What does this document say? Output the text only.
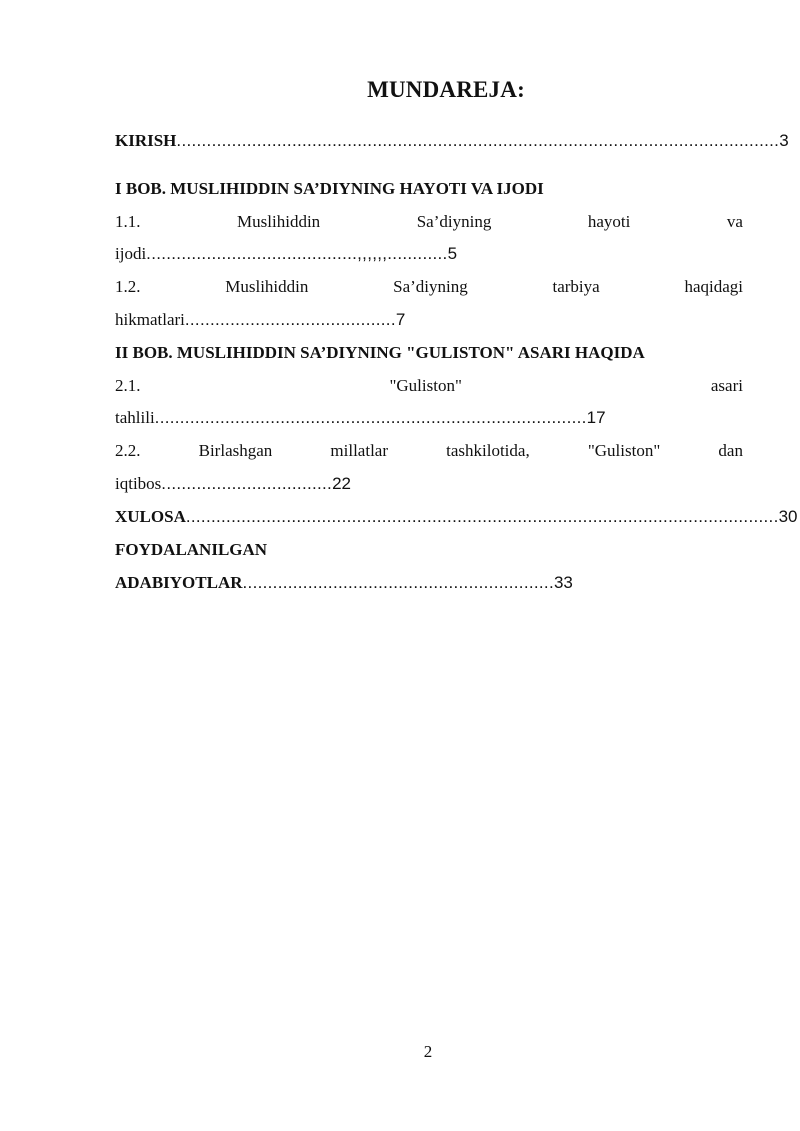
MUNDAREJA:
KIRISH ........................................................................................................................ 3
I BOB. MUSLIHIDDIN SA’DIYNING HAYOTI VA IJODI
1.1.	Muslihiddin	Sa’diyning	hayoti	va
ijodi..........................................,,,,,,............5
1.2.	Muslihiddin	Sa’diyning	tarbiya	haqidagi
hikmatlari..........................................7
II BOB. MUSLIHIDDIN SA’DIYNING "GULISTON" ASARI HAQIDA
2.1.	"Guliston"	asari
tahlili......................................................................................17
2.2.	Birlashgan	millatlar	tashkilotida,	"Guliston"	dan
iqtibos..................................22
XULOSA......................................................................................................................30
FOYDALANILGAN
ADABIYOTLAR..............................................................33
2
